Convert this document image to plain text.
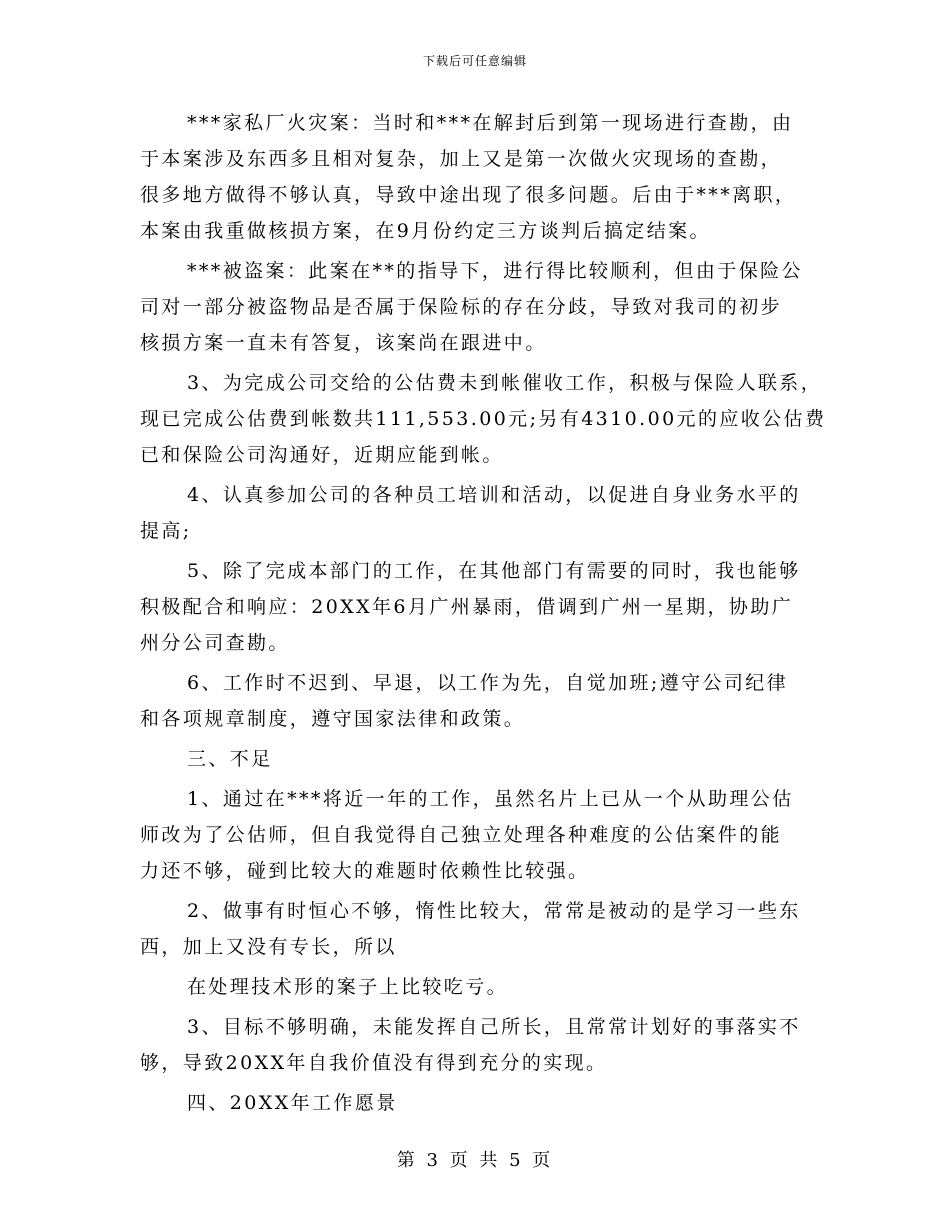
下载后可任意编辑
***家私厂火灾案：当时和***在解封后到第一现场进行查勘，由
于本案涉及东西多且相对复杂，加上又是第一次做火灾现场的查勘，
很多地方做得不够认真，导致中途出现了很多问题。后由于***离职，
本案由我重做核损方案，在9月份约定三方谈判后搞定结案。
***被盗案：此案在**的指导下，进行得比较顺利，但由于保险公
司对一部分被盗物品是否属于保险标的存在分歧，导致对我司的初步
核损方案一直未有答复，该案尚在跟进中。
3、为完成公司交给的公估费未到帐催收工作，积极与保险人联系，
现已完成公估费到帐数共111,553.00元;另有4310.00元的应收公估费
已和保险公司沟通好，近期应能到帐。
4、认真参加公司的各种员工培训和活动，以促进自身业务水平的
提高;
5、除了完成本部门的工作，在其他部门有需要的同时，我也能够
积极配合和响应：20XX年6月广州暴雨，借调到广州一星期，协助广
州分公司查勘。
6、工作时不迟到、早退，以工作为先，自觉加班;遵守公司纪律
和各项规章制度，遵守国家法律和政策。
三、不足
1、通过在***将近一年的工作，虽然名片上已从一个从助理公估
师改为了公估师，但自我觉得自己独立处理各种难度的公估案件的能
力还不够，碰到比较大的难题时依赖性比较强。
2、做事有时恒心不够，惰性比较大，常常是被动的是学习一些东
西，加上又没有专长，所以
在处理技术形的案子上比较吃亏。
3、目标不够明确，未能发挥自己所长，且常常计划好的事落实不
够，导致20XX年自我价值没有得到充分的实现。
四、20XX年工作愿景
第 3 页 共 5 页
